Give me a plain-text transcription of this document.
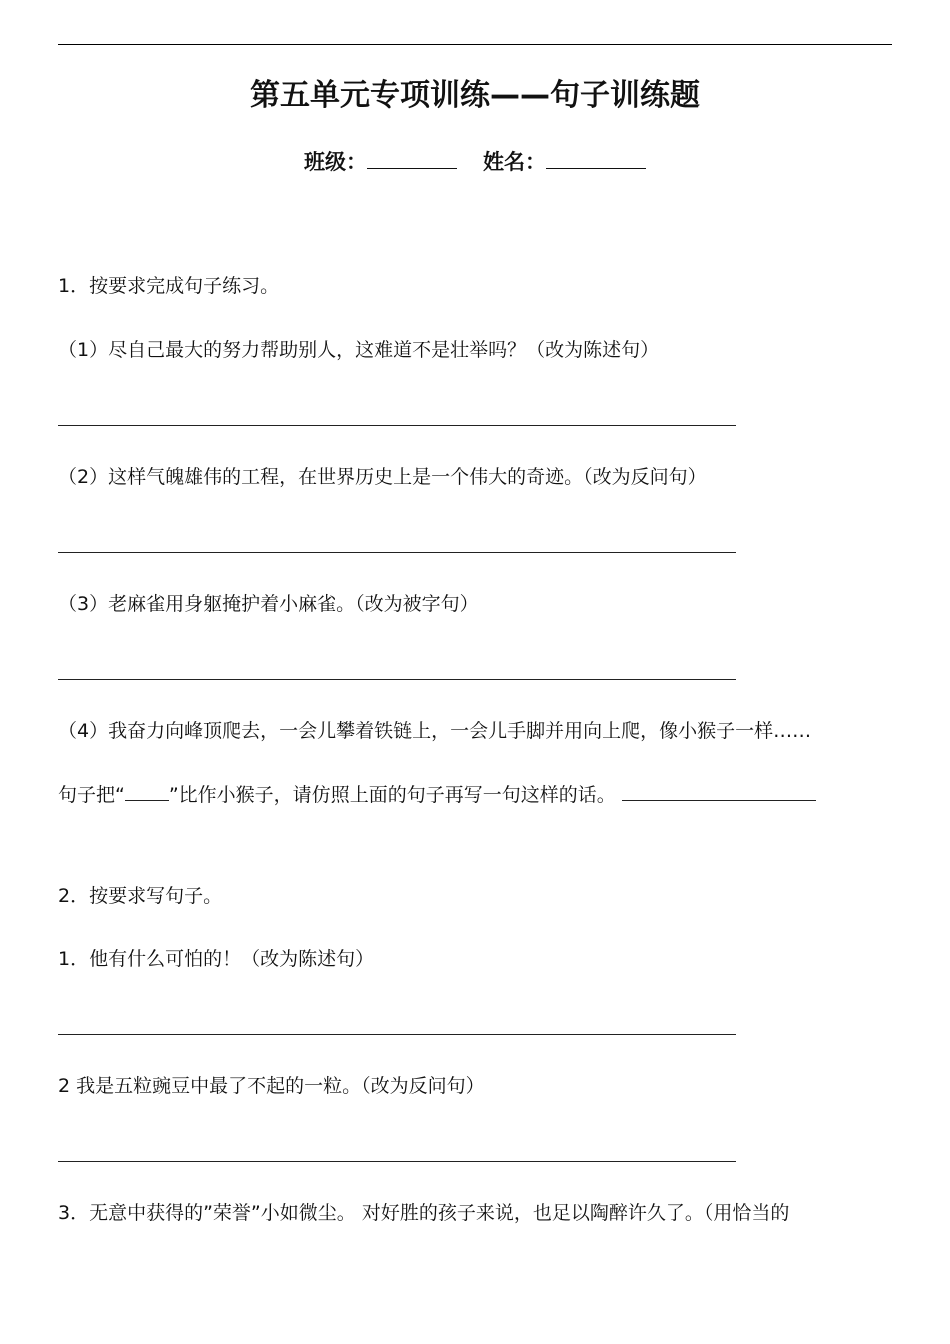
第五单元专项训练——句子训练题
班级：	姓名：
1．按要求完成句子练习。
（1）尽自己最大的努力帮助别人，这难道不是壮举吗？（改为陈述句）
（2）这样气魄雄伟的工程，在世界历史上是一个伟大的奇迹。（改为反问句）
（3）老麻雀用身躯掩护着小麻雀。（改为被字句）
（4）我奋力向峰顶爬去，一会儿攀着铁链上，一会儿手脚并用向上爬，像小猴子一样……
句子把“ ”比作小猴子，请仿照上面的句子再写一句这样的话。
2．按要求写句子。
1．他有什么可怕的！（改为陈述句）
2 我是五粒豌豆中最了不起的一粒。（改为反问句）
3．无意中获得的”荣誉”小如微尘。 对好胜的孩子来说，也足以陶醉许久了。（用恰当的
